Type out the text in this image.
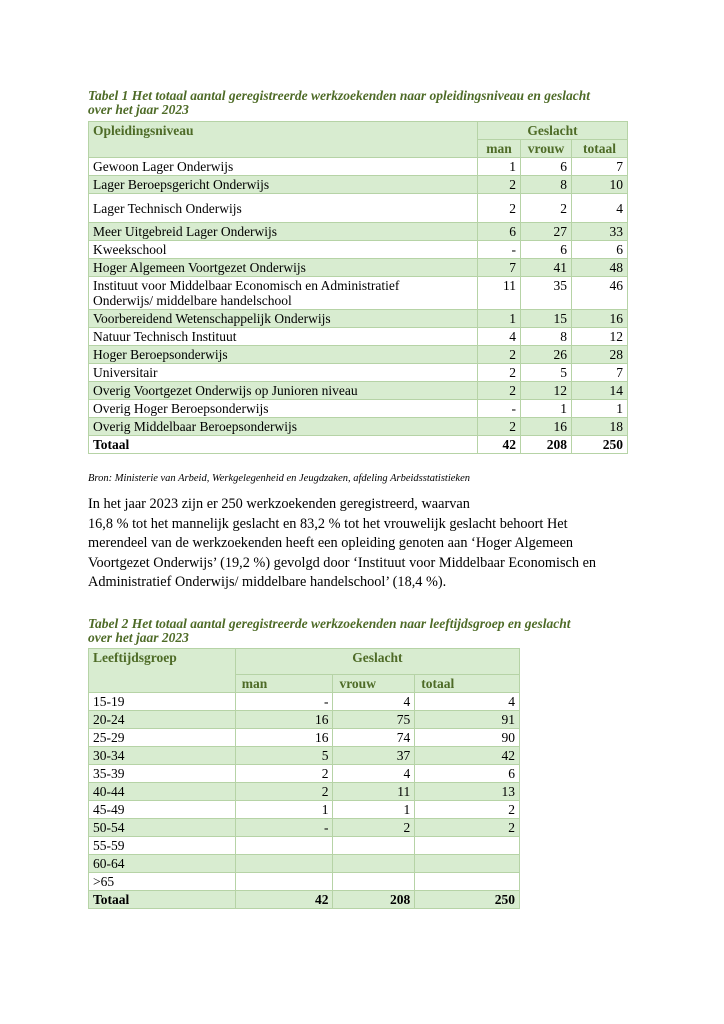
Tabel 1 Het totaal aantal geregistreerde werkzoekenden naar opleidingsniveau en geslacht
over het jaar 2023
Opleidingsniveau	Geslacht		
	man	vrouw	totaal
Gewoon Lager Onderwijs	1	6	7
Lager Beroepsgericht Onderwijs	2	8	10
Lager Technisch Onderwijs	2	2	4
Meer Uitgebreid Lager Onderwijs	6	27	33
Kweekschool	-	6	6
Hoger Algemeen Voortgezet Onderwijs	7	41	48

Instituut voor Middelbaar Economisch en Administratief
Onderwijs/ middelbare handelschool	11	35	46
Voorbereidend Wetenschappelijk Onderwijs	1	15	16
Natuur Technisch Instituut	4	8	12
Hoger Beroepsonderwijs	2	26	28
Universitair	2	5	7
Overig Voortgezet Onderwijs op Junioren niveau	2	12	14
Overig Hoger Beroepsonderwijs	-	1	1
Overig Middelbaar Beroepsonderwijs	2	16	18
Totaal	42	208	250
Bron: Ministerie van Arbeid, Werkgelegenheid en Jeugdzaken, afdeling Arbeidsstatistieken
In het jaar 2023 zijn er 250 werkzoekenden geregistreerd, waarvan
16,8 % tot het mannelijk geslacht en 83,2 % tot het vrouwelijk geslacht behoort Het
merendeel van de werkzoekenden heeft een opleiding genoten aan ‘Hoger Algemeen
Voortgezet Onderwijs’ (19,2 %) gevolgd door ‘Instituut voor Middelbaar Economisch en
Administratief Onderwijs/ middelbare handelschool’ (18,4 %).
Tabel 2 Het totaal aantal geregistreerde werkzoekenden naar leeftijdsgroep en geslacht
over het jaar 2023
Leeftijdsgroep	Geslacht		
	man	vrouw	totaal
15-19	-	4	4
20-24	16	75	91
25-29	16	74	90
30-34	5	37	42
35-39	2	4	6
40-44	2	11	13
45-49	1	1	2
50-54	-	2	2
55-59			
60-64			
>65			
Totaal	42	208	250
